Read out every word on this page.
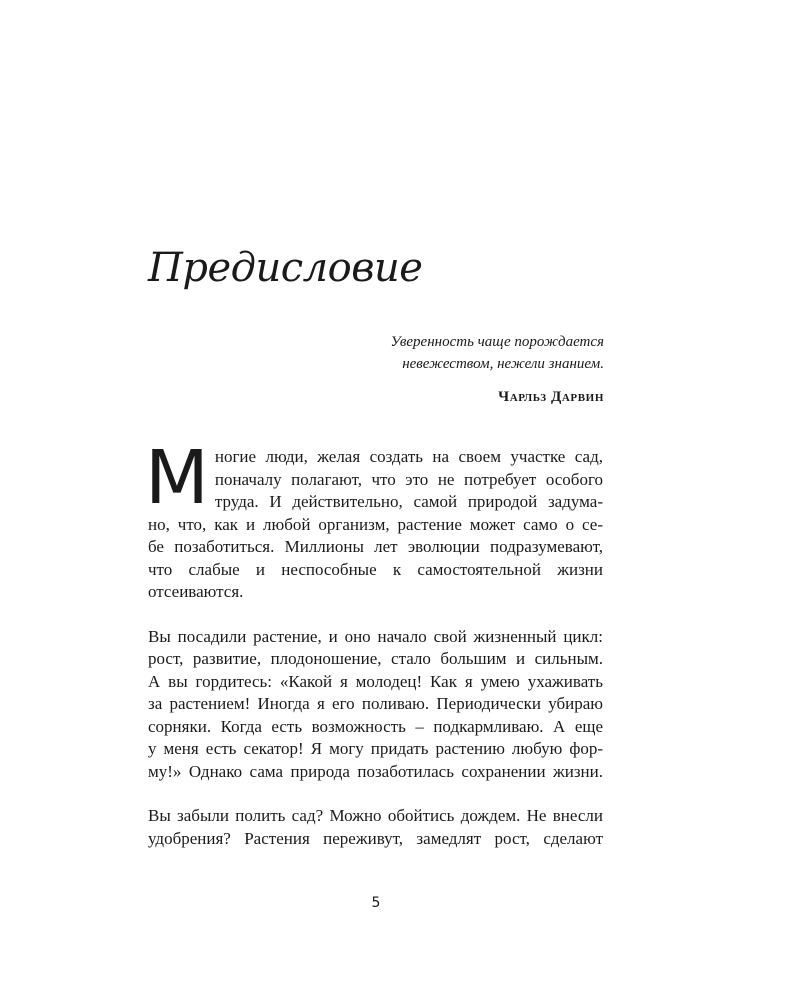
Предисловие

Уверенность чаще порождается
невежеством, нежели знанием.

Чарльз Дарвин
М ногие люди, желая создать на своем участке сад,
поначалу полагают, что это не потребует особого
труда. И действительно, самой природой задума-
но, что, как и любой организм, растение может само о се-
бе позаботиться. Миллионы лет эволюции подразумевают,
что слабые и неспособные к самостоятельной жизни
отсеиваются.
Вы посадили растение, и оно начало свой жизненный цикл:
рост, развитие, плодоношение, стало большим и сильным.
А вы гордитесь: «Какой я молодец! Как я умею ухаживать
за растением! Иногда я его поливаю. Периодически убираю
сорняки. Когда есть возможность – подкармливаю. А еще
у меня есть секатор! Я могу придать растению любую фор-
му!» Однако сама природа позаботилась сохранении жизни.
Вы забыли полить сад? Можно обойтись дождем. Не внесли
удобрения? Растения переживут, замедлят рост, сделают
5
